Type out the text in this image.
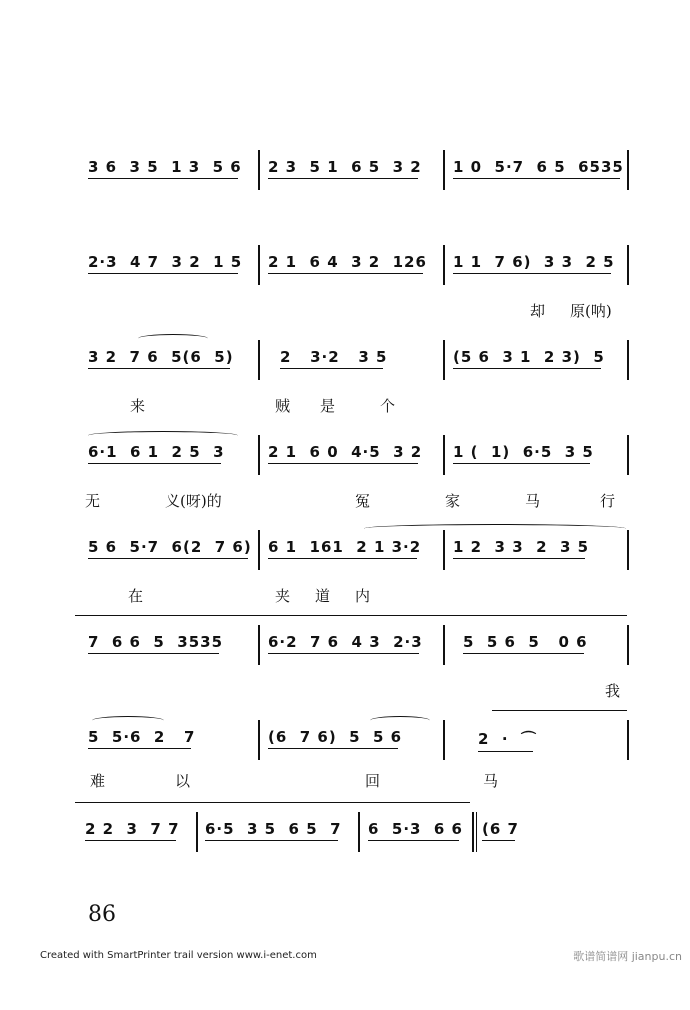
3 6  3 5  1 3  5 6

2 3  5 1  6 5  3 2

1 0  5·7  6 5  6535

2·3  4 7  3 2  1 5

2 1  6 4  3 2  126

1 1  7 6)  3 3  2 5

却 原(呐)

3 2  7 6  5(6  5)

	2   3·2   3 5

	(5 6  3 1  2 3)  5

来	贼 是	个

6·1  6 1  2 5  3

	2 1  6 0  4·5  3 2

1 (  1)  6·5  3 5

无	义(呀)的	冤	家	马	行

5 6  5·7  6(2  7 6)

6 1  161  2 1 3·2

1 2  3 3  2  3 5

在	夹 道 内

7  6 6  5  3535

	6·2  7 6  4 3  2·3

	5  5 6  5   0 6

我

5  5·6  2   7

	(6  7 6)  5  5 6

	2  ·  ⌒

难	以	回	马

2 2  3  7 7

6·5  3 5  6 5  7

6  5·3  6 6

(6 7

86
Created with SmartPrinter trail version www.i-enet.com	歌谱简谱网 jianpu.cn
